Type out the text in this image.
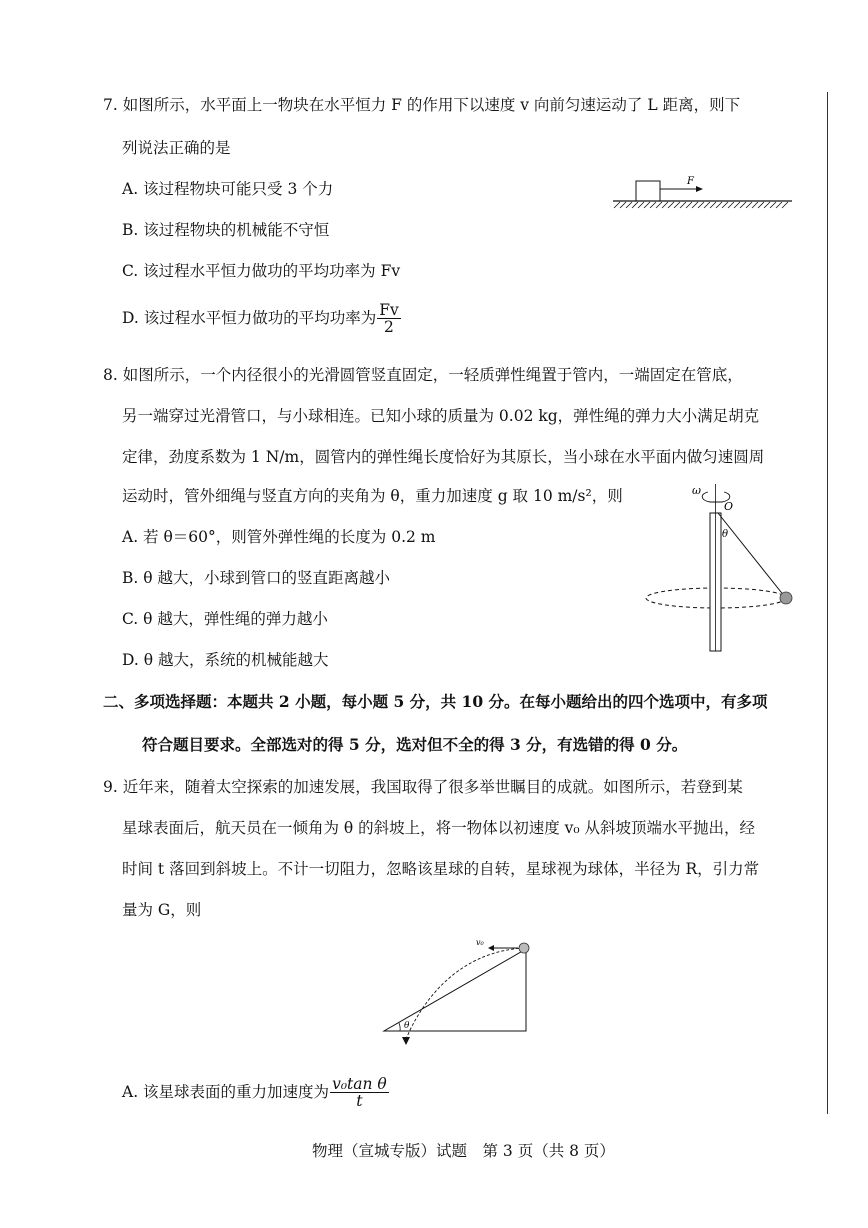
7. 如图所示，水平面上一物块在水平恒力 F 的作用下以速度 v 向前匀速运动了 L 距离，则下
列说法正确的是
A. 该过程物块可能只受 3 个力
B. 该过程物块的机械能不守恒
C. 该过程水平恒力做功的平均功率为 Fv
D. 该过程水平恒力做功的平均功率为 $\frac{Fv}{2}$
F
8. 如图所示，一个内径很小的光滑圆管竖直固定，一轻质弹性绳置于管内，一端固定在管底，
另一端穿过光滑管口，与小球相连。已知小球的质量为 0.02 kg，弹性绳的弹力大小满足胡克
定律，劲度系数为 1 N/m，圆管内的弹性绳长度恰好为其原长，当小球在水平面内做匀速圆周
运动时，管外细绳与竖直方向的夹角为 θ，重力加速度 g 取 10 m/s²，则
A. 若 θ＝60°，则管外弹性绳的长度为 0.2 m
B. θ 越大，小球到管口的竖直距离越小
C. θ 越大，弹性绳的弹力越小
D. θ 越大，系统的机械能越大
ω
O
θ
二、多项选择题：本题共 2 小题，每小题 5 分，共 10 分。在每小题给出的四个选项中，有多项
符合题目要求。全部选对的得 5 分，选对但不全的得 3 分，有选错的得 0 分。
9. 近年来，随着太空探索的加速发展，我国取得了很多举世瞩目的成就。如图所示，若登到某
星球表面后，航天员在一倾角为 θ 的斜坡上，将一物体以初速度 v₀ 从斜坡顶端水平抛出，经
时间 t 落回到斜坡上。不计一切阻力，忽略该星球的自转，星球视为球体，半径为 R，引力常
量为 G，则
v₀
θ
A. 该星球表面的重力加速度为 $\frac{\text{v₀tan θ}}{t}$
物理（宣城专版）试题　第 3 页（共 8 页）
